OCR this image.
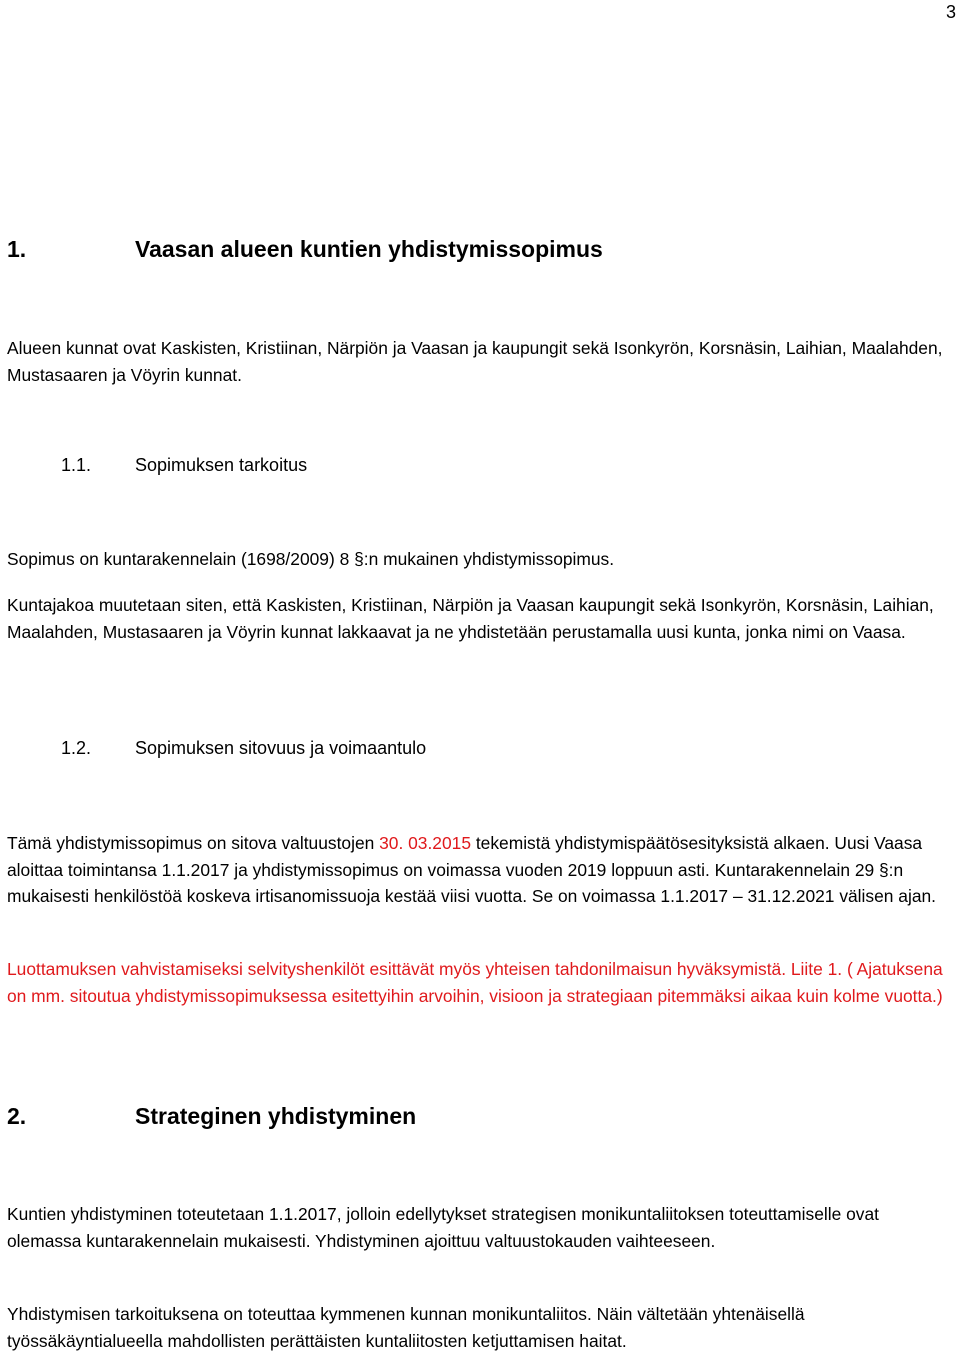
3
1.	Vaasan alueen kuntien yhdistymissopimus
Alueen kunnat ovat Kaskisten, Kristiinan, Närpiön ja Vaasan ja kaupungit sekä Isonkyrön, Korsnäsin, Laihian, Maalahden, Mustasaaren ja Vöyrin kunnat.
1.1. Sopimuksen tarkoitus
Sopimus on kuntarakennelain (1698/2009) 8 §:n mukainen yhdistymissopimus.
Kuntajakoa muutetaan siten, että Kaskisten, Kristiinan, Närpiön ja Vaasan kaupungit sekä Isonkyrön, Korsnäsin, Laihian, Maalahden, Mustasaaren ja Vöyrin kunnat lakkaavat ja ne yhdistetään perustamalla uusi kunta, jonka nimi on Vaasa.
1.2. Sopimuksen sitovuus ja voimaantulo
Tämä yhdistymissopimus on sitova valtuustojen 30. 03.2015 tekemistä yhdistymispäätösesityksistä alkaen. Uusi Vaasa aloittaa toimintansa 1.1.2017 ja yhdistymissopimus on voimassa vuoden 2019 loppuun asti. Kuntarakennelain 29 §:n mukaisesti henkilöstöä koskeva irtisanomissuoja kestää viisi vuotta. Se on voimassa 1.1.2017 – 31.12.2021 välisen ajan.
Luottamuksen vahvistamiseksi selvityshenkilöt esittävät myös yhteisen tahdonilmaisun hyväksymistä. Liite 1. ( Ajatuksena on mm. sitoutua yhdistymissopimuksessa esitettyihin arvoihin, visioon ja strategiaan pitemmäksi aikaa kuin kolme vuotta.)
2.	Strateginen yhdistyminen
Kuntien yhdistyminen toteutetaan 1.1.2017, jolloin edellytykset strategisen monikuntaliitoksen toteuttamiselle ovat olemassa kuntarakennelain mukaisesti. Yhdistyminen ajoittuu valtuustokauden vaihteeseen.
Yhdistymisen tarkoituksena on toteuttaa kymmenen kunnan monikuntaliitos. Näin vältetään yhtenäisellä työssäkäyntialueella mahdollisten perättäisten kuntaliitosten ketjuttamisen haitat.
